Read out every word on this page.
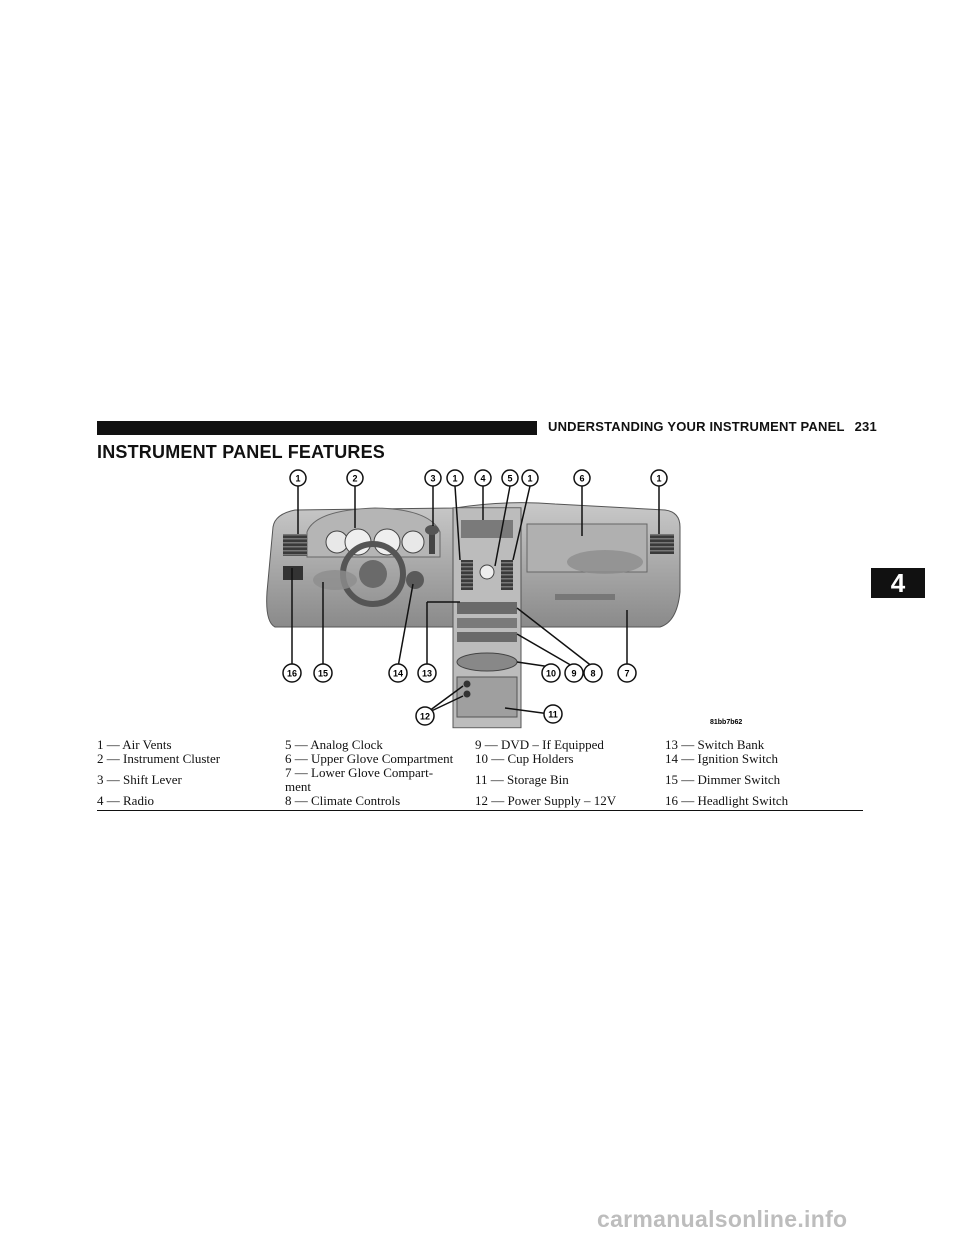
UNDERSTANDING YOUR INSTRUMENT PANEL 231
INSTRUMENT PANEL FEATURES
4
1	2	3 1	4 5 1	6	1
16 15	14 13	10 9 8	7
12	11
81bb7b62
1 — Air Vents	5 — Analog Clock	9 — DVD – If Equipped	13 — Switch Bank
2 — Instrument Cluster	6 — Upper Glove Compartment	10 — Cup Holders	14 — Ignition Switch
3 — Shift Lever	7 — Lower Glove Compart-ment	11 — Storage Bin	15 — Dimmer Switch
4 — Radio	8 — Climate Controls	12 — Power Supply – 12V	16 — Headlight Switch
carmanualsonline.info
